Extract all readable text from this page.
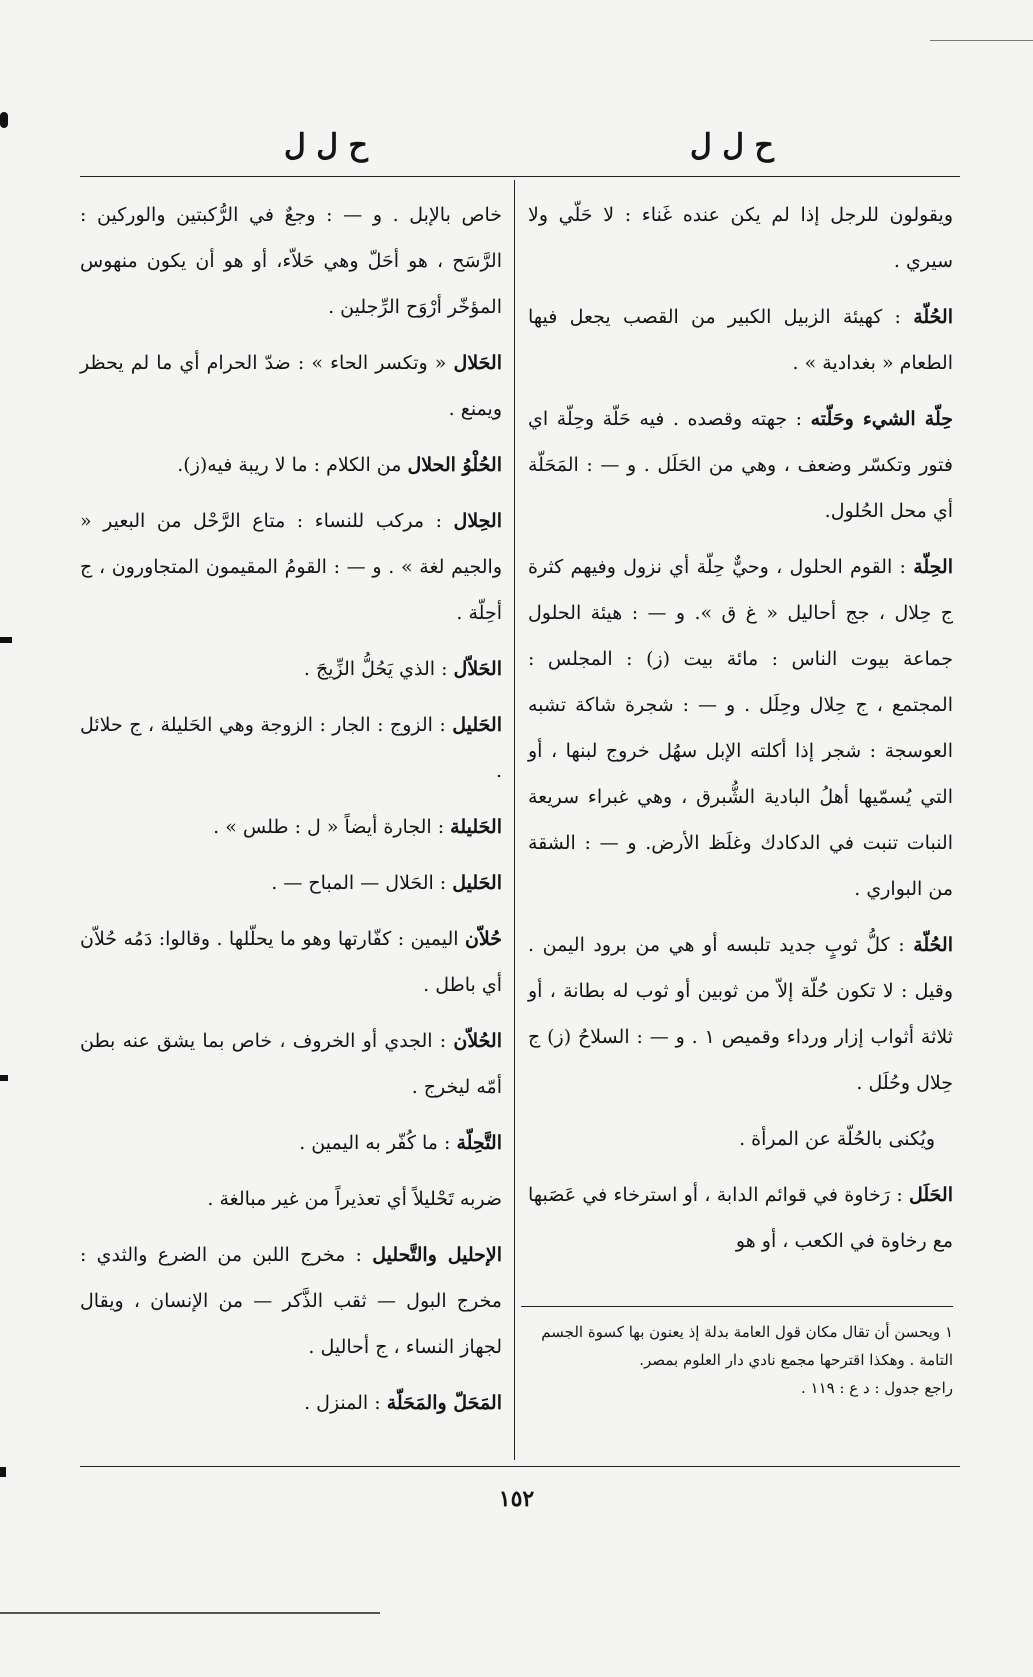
ح ل ل
ح ل ل

ويقولون للرجل إذا لم يكن عنده غَناء : لا حَلّي ولا سيري .

الحُلّة : كهيئة الزبيل الكبير من القصب يجعل فيها الطعام « بغدادية » .

حِلّة الشيء وحَلّته : جهته وقصده . فيه حَلّة وحِلّة اي فتور وتكسّر وضعف ، وهي من الحَلَل . و — : المَحَلّة أي محل الحُلول.

الحِلّة : القوم الحلول ، وحيٌّ حِلّة أي نزول وفيهم كثرة ج حِلال ، جج أحاليل « غ ق ». و — : هيئة الحلول جماعة بيوت الناس : مائة بيت (ز) : المجلس : المجتمع ، ج حِلال وحِلَل . و — : شجرة شاكة تشبه العوسجة : شجر إذا أكلته الإبل سهُل خروج لبنها ، أو التي يُسمّيها أهلُ البادية الشُّبرق ، وهي غبراء سريعة النبات تنبت في الدكادك وغلَظ الأرض. و — : الشقة من البواري .

الحُلّة : كلُّ ثوبٍ جديد تلبسه أو هي من برود اليمن . وقيل : لا تكون حُلّة إلاّ من ثوبين أو ثوب له بطانة ، أو ثلاثة أثواب إزار ورداء وقميص ١ . و — : السلاحُ (ز) ج حِلال وحُلَل .

ويُكنى بالحُلّة عن المرأة .

الحَلَل : رَخاوة في قوائم الدابة ، أو استرخاء في عَصَبها مع رخاوة في الكعب ، أو هو

١ ويحسن أن تقال مكان قول العامة بدلة إذ يعنون بها كسوة الجسم التامة . وهكذا اقترحها مجمع نادي دار العلوم بمصر.
راجع جدول : د ع : ١١٩ .

خاص بالإبل . و — : وجعٌ في الرُّكبتين والوركين : الرَّسَح ، هو أحَلّ وهي حَلاّء، أو هو أن يكون منهوس المؤخّر أرْوَح الرِّجلين .

الحَلال « وتكسر الحاء » : ضدّ الحرام أي ما لم يحظر ويمنع .

الحُلْوُ الحلال من الكلام : ما لا ريبة فيه(ز).

الحِلال : مركب للنساء : متاع الرَّحْل من البعير « والجيم لغة » . و — : القومُ المقيمون المتجاورون ، ج أحِلّة .

الحَلاّل : الذي يَحُلُّ الزِّيجَ .

الحَليل : الزوج : الجار : الزوجة وهي الحَليلة ، ج حلائل .

الحَليلة : الجارة أيضاً « ل : طلس » .

الحَليل : الحَلال — المباح — .

حُلاّن اليمين : كفّارتها وهو ما يحلّلها . وقالوا: دَمُه حُلاّن أي باطل .

الحُلاّن : الجدي أو الخروف ، خاص بما يشق عنه بطن أمّه ليخرج .

التَّحِلّة : ما كُفّر به اليمين .

ضربه تَحْليلاً أي تعذيراً من غير مبالغة .

الإحليل والتَّحليل : مخرج اللبن من الضرع والثدي : مخرج البول — ثقب الذَّكر — من الإنسان ، ويقال لجهاز النساء ، ج أحاليل .

المَحَلّ والمَحَلّة : المنزل .

١٥٢
